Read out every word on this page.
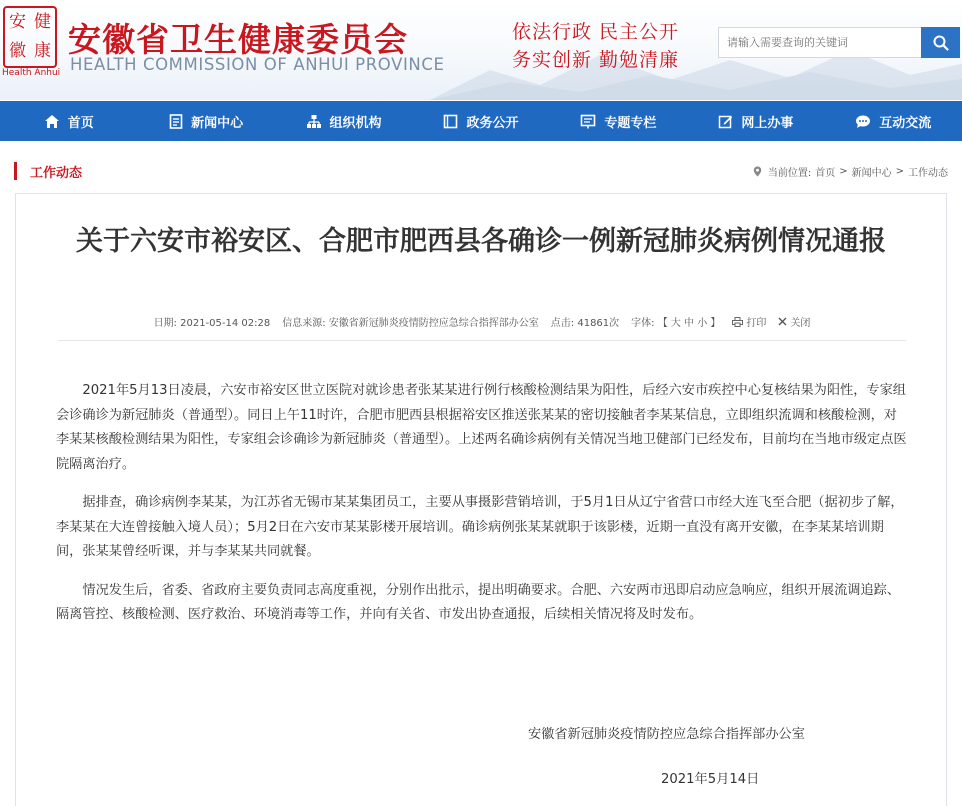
安 健
徽 康
Health Anhui
安徽省卫生健康委员会
HEALTH COMMISSION OF ANHUI PROVINCE
依法行政 民主公开
务实创新 勤勉清廉
请输入需要查询的关键词
首页	新闻中心	组织机构	政务公开	专题专栏	网上办事	互动交流
工作动态	当前位置: 首页 > 新闻中心 > 工作动态
关于六安市裕安区、合肥市肥西县各确诊一例新冠肺炎病例情况通报
日期: 2021-05-14 02:28 信息来源: 安徽省新冠肺炎疫情防控应急综合指挥部办公室 点击: 41861次 字体: 【 大 中 小 】	打印 关闭

2021年5月13日凌晨，六安市裕安区世立医院对就诊患者张某某进行例行核酸检测结果为阳性，后经六安市疾控中心复核结果为阳性，专家组会诊确诊为新冠肺炎（普通型）。同日上午11时许，合肥市肥西县根据裕安区推送张某某的密切接触者李某某信息，立即组织流调和核酸检测，对李某某核酸检测结果为阳性，专家组会诊确诊为新冠肺炎（普通型）。上述两名确诊病例有关情况当地卫健部门已经发布，目前均在当地市级定点医院隔离治疗。

据排查，确诊病例李某某，为江苏省无锡市某某集团员工，主要从事摄影营销培训，于5月1日从辽宁省营口市经大连飞至合肥（据初步了解，李某某在大连曾接触入境人员）；5月2日在六安市某某影楼开展培训。确诊病例张某某就职于该影楼，近期一直没有离开安徽，在李某某培训期间，张某某曾经听课，并与李某某共同就餐。

情况发生后，省委、省政府主要负责同志高度重视，分别作出批示，提出明确要求。合肥、六安两市迅即启动应急响应，组织开展流调追踪、隔离管控、核酸检测、医疗救治、环境消毒等工作，并向有关省、市发出协查通报，后续相关情况将及时发布。

安徽省新冠肺炎疫情防控应急综合指挥部办公室
2021年5月14日
